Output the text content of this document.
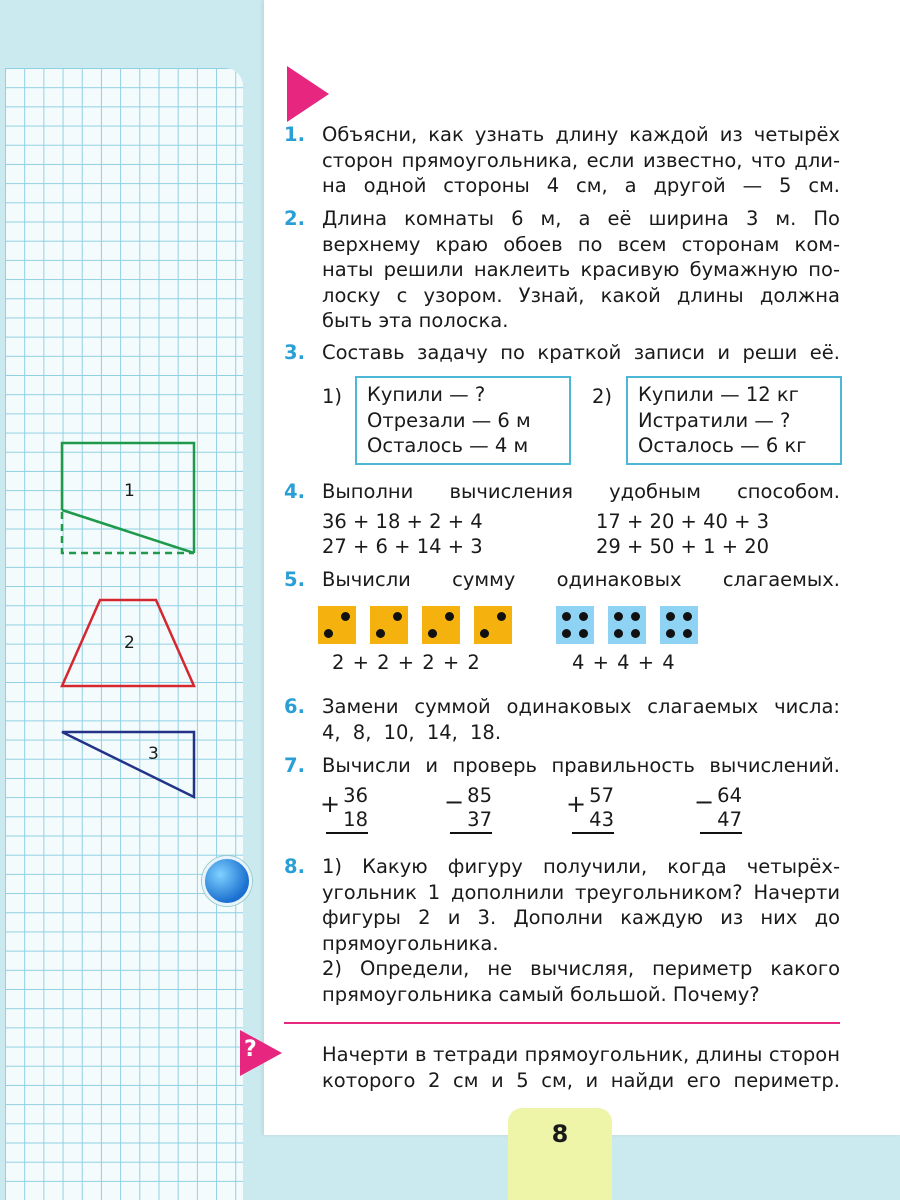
1
2
3
1. Объясни, как узнать длину каждой из четырёх
сторон прямоугольника, если известно, что дли-
на одной стороны 4 см, а другой — 5 см.
2. Длина комнаты 6 м, а её ширина 3 м. По
верхнему краю обоев по всем сторонам ком-
наты решили наклеить красивую бумажную по-
лоску с узором. Узнай, какой длины должна
быть эта полоска.
3. Составь задачу по краткой записи и реши её.
1) Купили — ?
Отрезали — 6 м
Осталось — 4 м
2) Купили — 12 кг
Истратили — ?
Осталось — 6 кг
4. Выполни вычисления удобным способом.
36 + 18 + 2 + 4	17 + 20 + 40 + 3
27 + 6 + 14 + 3	29 + 50 + 1 + 20
5. Вычисли сумму одинаковых слагаемых.
2 + 2 + 2 + 2	4 + 4 + 4
6. Замени суммой одинаковых слагаемых числа:
4, 8, 10, 14, 18.
7. Вычисли и проверь правильность вычислений.
+ 36
18
− 85
37
+ 57
43
− 64
47
8. 1) Какую фигуру получили, когда четырёх-
угольник 1 дополнили треугольником? Начерти
фигуры 2 и 3. Дополни каждую из них до
прямоугольника.
2) Определи, не вычисляя, периметр какого
прямоугольника самый большой. Почему?
?	Начерти в тетради прямоугольник, длины сторон
которого 2 см и 5 см, и найди его периметр.
8
